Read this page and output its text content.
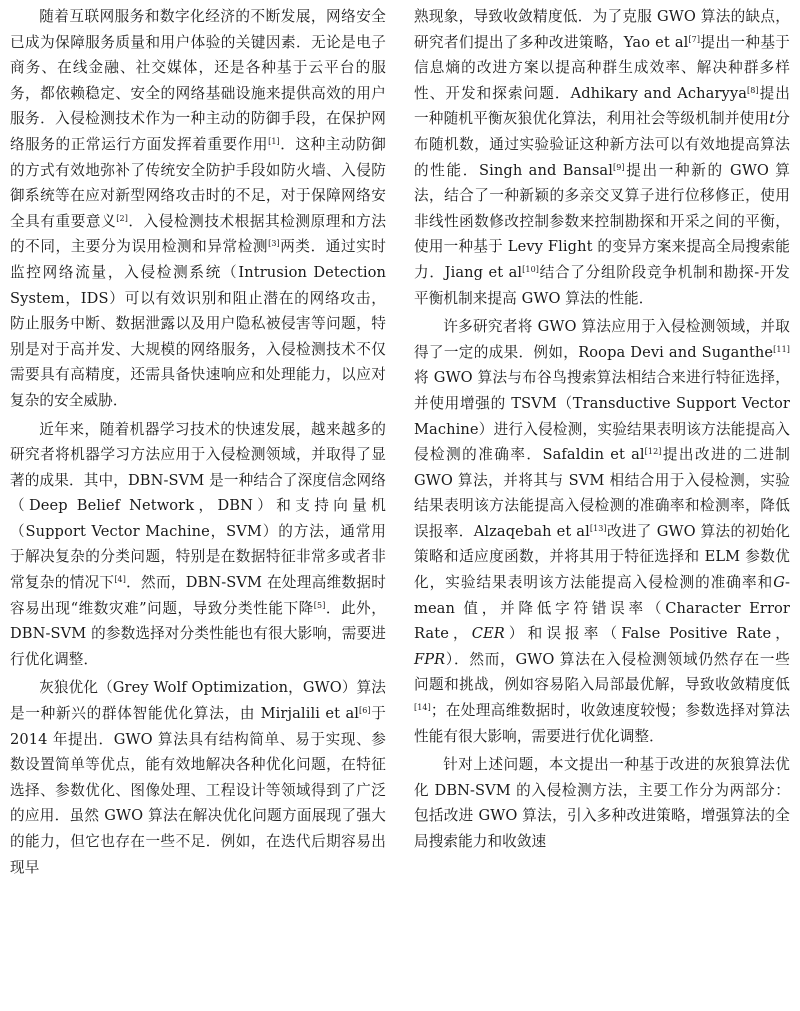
随着互联网服务和数字化经济的不断发展，网络安全已成为保障服务质量和用户体验的关键因素．无论是电子商务、在线金融、社交媒体，还是各种基于云平台的服务，都依赖稳定、安全的网络基础设施来提供高效的用户服务．入侵检测技术作为一种主动的防御手段，在保护网络服务的正常运行方面发挥着重要作用[1]．这种主动防御的方式有效地弥补了传统安全防护手段如防火墙、入侵防御系统等在应对新型网络攻击时的不足，对于保障网络安全具有重要意义[2]．入侵检测技术根据其检测原理和方法的不同，主要分为误用检测和异常检测[3]两类．通过实时监控网络流量，入侵检测系统（Intrusion Detection System，IDS）可以有效识别和阻止潜在的网络攻击，防止服务中断、数据泄露以及用户隐私被侵害等问题，特别是对于高并发、大规模的网络服务，入侵检测技术不仅需要具有高精度，还需具备快速响应和处理能力，以应对复杂的安全威胁．

近年来，随着机器学习技术的快速发展，越来越多的研究者将机器学习方法应用于入侵检测领域，并取得了显著的成果．其中，DBN-SVM 是一种结合了深度信念网络（Deep Belief Network，DBN）和支持向量机（Support Vector Machine，SVM）的方法，通常用于解决复杂的分类问题，特别是在数据特征非常多或者非常复杂的情况下[4]．然而，DBN-SVM 在处理高维数据时容易出现“维数灾难”问题，导致分类性能下降[5]．此外，DBN-SVM 的参数选择对分类性能也有很大影响，需要进行优化调整．

灰狼优化（Grey Wolf Optimization，GWO）算法是一种新兴的群体智能优化算法，由 Mirjalili et al[6]于 2014 年提出．GWO 算法具有结构简单、易于实现、参数设置简单等优点，能有效地解决各种优化问题，在特征选择、参数优化、图像处理、工程设计等领域得到了广泛的应用．虽然 GWO 算法在解决优化问题方面展现了强大的能力，但它也存在一些不足．例如，在迭代后期容易出现早

熟现象，导致收敛精度低．为了克服 GWO 算法的缺点，研究者们提出了多种改进策略，Yao et al[7]提出一种基于信息熵的改进方案以提高种群生成效率、解决种群多样性、开发和探索问题．Adhikary and Acharyya[8]提出一种随机平衡灰狼优化算法，利用社会等级机制并使用t分布随机数，通过实验验证这种新方法可以有效地提高算法的性能．Singh and Bansal[9]提出一种新的 GWO 算法，结合了一种新颖的多亲交叉算子进行位移修正，使用非线性函数修改控制参数来控制勘探和开采之间的平衡，使用一种基于 Levy Flight 的变异方案来提高全局搜索能力．Jiang et al[10]结合了分组阶段竞争机制和勘探-开发平衡机制来提高 GWO 算法的性能．

许多研究者将 GWO 算法应用于入侵检测领域，并取得了一定的成果．例如，Roopa Devi and Suganthe[11]将 GWO 算法与布谷鸟搜索算法相结合来进行特征选择，并使用增强的 TSVM（Transductive Support Vector Machine）进行入侵检测，实验结果表明该方法能提高入侵检测的准确率．Safaldin et al[12]提出改进的二进制 GWO 算法，并将其与 SVM 相结合用于入侵检测，实验结果表明该方法能提高入侵检测的准确率和检测率，降低误报率．Alzaqebah et al[13]改进了 GWO 算法的初始化策略和适应度函数，并将其用于特征选择和 ELM 参数优化，实验结果表明该方法能提高入侵检测的准确率和G-mean 值，并降低字符错误率（Character Error Rate，CER）和误报率（False Positive Rate，FPR）．然而，GWO 算法在入侵检测领域仍然存在一些问题和挑战，例如容易陷入局部最优解，导致收敛精度低[14]；在处理高维数据时，收敛速度较慢；参数选择对算法性能有很大影响，需要进行优化调整．

针对上述问题，本文提出一种基于改进的灰狼算法优化 DBN-SVM 的入侵检测方法，主要工作分为两部分：包括改进 GWO 算法，引入多种改进策略，增强算法的全局搜索能力和收敛速
